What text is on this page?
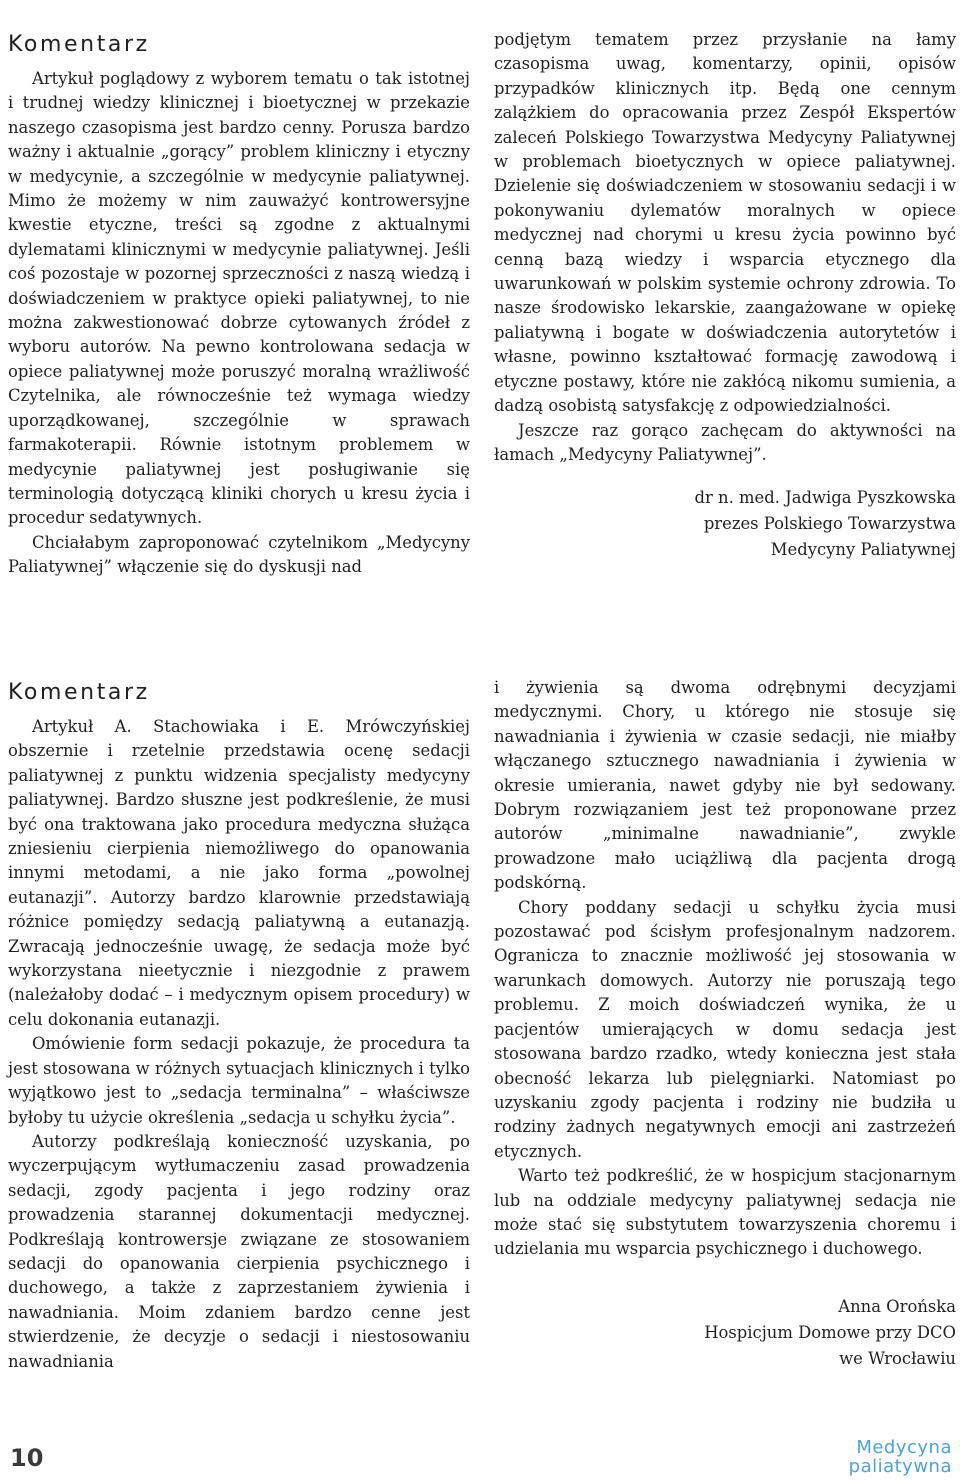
Komentarz

Artykuł poglądowy z wyborem tematu o tak istotnej i trudnej wiedzy klinicznej i bioetycznej w przekazie naszego czasopisma jest bardzo cenny. Porusza bardzo ważny i aktualnie „gorący” problem kliniczny i etyczny w medycynie, a szczególnie w medycynie paliatywnej. Mimo że możemy w nim zauważyć kontrowersyjne kwestie etyczne, treści są zgodne z aktualnymi dylematami klinicznymi w medycynie paliatywnej. Jeśli coś pozostaje w pozornej sprzeczności z naszą wiedzą i doświadczeniem w praktyce opieki paliatywnej, to nie można zakwestionować dobrze cytowanych źródeł z wyboru autorów. Na pewno kontrolowana sedacja w opiece paliatywnej może poruszyć moralną wrażliwość Czytelnika, ale równocześnie też wymaga wiedzy uporządkowanej, szczególnie w sprawach farmakoterapii. Równie istotnym problemem w medycynie paliatywnej jest posługiwanie się terminologią dotyczącą kliniki chorych u kresu życia i procedur sedatywnych.

Chciałabym zaproponować czytelnikom „Medycyny Paliatywnej” włączenie się do dyskusji nad

podjętym tematem przez przysłanie na łamy czasopisma uwag, komentarzy, opinii, opisów przypadków klinicznych itp. Będą one cennym zalążkiem do opracowania przez Zespół Ekspertów zaleceń Polskiego Towarzystwa Medycyny Paliatywnej w problemach bioetycznych w opiece paliatywnej. Dzielenie się doświadczeniem w stosowaniu sedacji i w pokonywaniu dylematów moralnych w opiece medycznej nad chorymi u kresu życia powinno być cenną bazą wiedzy i wsparcia etycznego dla uwarunkowań w polskim systemie ochrony zdrowia. To nasze środowisko lekarskie, zaangażowane w opiekę paliatywną i bogate w doświadczenia autorytetów i własne, powinno kształtować formację zawodową i etyczne postawy, które nie zakłócą nikomu sumienia, a dadzą osobistą satysfakcję z odpowiedzialności.

Jeszcze raz gorąco zachęcam do aktywności na łamach „Medycyny Paliatywnej”.

dr n. med. Jadwiga Pyszkowska
prezes Polskiego Towarzystwa
Medycyny Paliatywnej
Komentarz

Artykuł A. Stachowiaka i E. Mrówczyńskiej obszernie i rzetelnie przedstawia ocenę sedacji paliatywnej z punktu widzenia specjalisty medycyny paliatywnej. Bardzo słuszne jest podkreślenie, że musi być ona traktowana jako procedura medyczna służąca zniesieniu cierpienia niemożliwego do opanowania innymi metodami, a nie jako forma „powolnej eutanazji”. Autorzy bardzo klarownie przedstawiają różnice pomiędzy sedacją paliatywną a eutanazją. Zwracają jednocześnie uwagę, że sedacja może być wykorzystana nieetycznie i niezgodnie z prawem (należałoby dodać – i medycznym opisem procedury) w celu dokonania eutanazji.

Omówienie form sedacji pokazuje, że procedura ta jest stosowana w różnych sytuacjach klinicznych i tylko wyjątkowo jest to „sedacja terminalna” – właściwsze byłoby tu użycie określenia „sedacja u schyłku życia”.

Autorzy podkreślają konieczność uzyskania, po wyczerpującym wytłumaczeniu zasad prowadzenia sedacji, zgody pacjenta i jego rodziny oraz prowadzenia starannej dokumentacji medycznej. Podkreślają kontrowersje związane ze stosowaniem sedacji do opanowania cierpienia psychicznego i duchowego, a także z zaprzestaniem żywienia i nawadniania. Moim zdaniem bardzo cenne jest stwierdzenie, że decyzje o sedacji i niestosowaniu nawadniania

i żywienia są dwoma odrębnymi decyzjami medycznymi. Chory, u którego nie stosuje się nawadniania i żywienia w czasie sedacji, nie miałby włączanego sztucznego nawadniania i żywienia w okresie umierania, nawet gdyby nie był sedowany. Dobrym rozwiązaniem jest też proponowane przez autorów „minimalne nawadnianie”, zwykle prowadzone mało uciążliwą dla pacjenta drogą podskórną.

Chory poddany sedacji u schyłku życia musi pozostawać pod ścisłym profesjonalnym nadzorem. Ogranicza to znacznie możliwość jej stosowania w warunkach domowych. Autorzy nie poruszają tego problemu. Z moich doświadczeń wynika, że u pacjentów umierających w domu sedacja jest stosowana bardzo rzadko, wtedy konieczna jest stała obecność lekarza lub pielęgniarki. Natomiast po uzyskaniu zgody pacjenta i rodziny nie budziła u rodziny żadnych negatywnych emocji ani zastrzeżeń etycznych.

Warto też podkreślić, że w hospicjum stacjonarnym lub na oddziale medycyny paliatywnej sedacja nie może stać się substytutem towarzyszenia choremu i udzielania mu wsparcia psychicznego i duchowego.

Anna Orońska
Hospicjum Domowe przy DCO
we Wrocławiu
10	Medycyna
paliatywna
